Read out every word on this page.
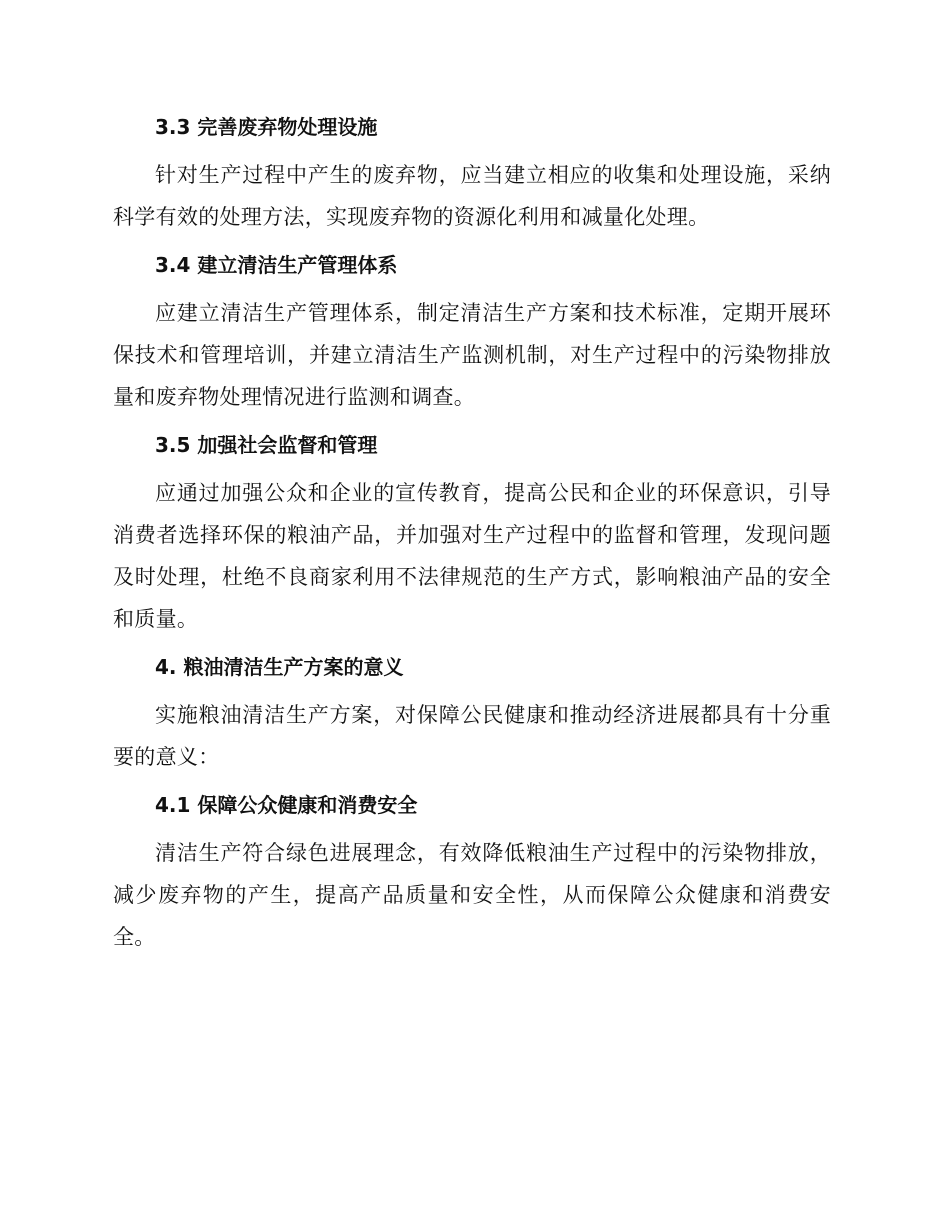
3.3 完善废弃物处理设施

针对生产过程中产生的废弃物，应当建立相应的收集和处理设施，采纳科学有效的处理方法，实现废弃物的资源化利用和减量化处理。

3.4 建立清洁生产管理体系

应建立清洁生产管理体系，制定清洁生产方案和技术标准，定期开展环保技术和管理培训，并建立清洁生产监测机制，对生产过程中的污染物排放量和废弃物处理情况进行监测和调查。

3.5 加强社会监督和管理

应通过加强公众和企业的宣传教育，提高公民和企业的环保意识，引导消费者选择环保的粮油产品，并加强对生产过程中的监督和管理，发现问题及时处理，杜绝不良商家利用不法律规范的生产方式，影响粮油产品的安全和质量。

4. 粮油清洁生产方案的意义

实施粮油清洁生产方案，对保障公民健康和推动经济进展都具有十分重要的意义：

4.1 保障公众健康和消费安全

清洁生产符合绿色进展理念，有效降低粮油生产过程中的污染物排放，减少废弃物的产生，提高产品质量和安全性，从而保障公众健康和消费安全。
